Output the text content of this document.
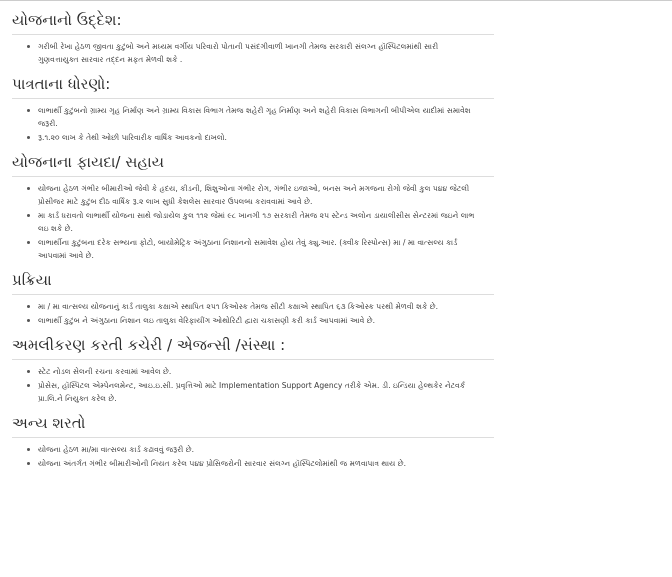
યોજનાનો ઉદ્દેશ:
ગરીબી રેખા હેઠળ જીવતા કુટુંબો અને મધ્યમ વર્ગીય પરિવારો પોતાની પસંદગીવાળી ખાનગી તેમજ સરકારી સંલગ્ન હૉસ્પિટલમાંથી સારી ગુણવત્તાયુક્ત સારવાર તદ્દન મફત મેળવી શકે .
પાત્રતાના ધોરણો:
લાભાર્થી કુટુંબનો ગ્રામ્ય ગૃહ નિર્માણ અને ગ્રામ્ય વિકાસ વિભાગ તેમજ શહેરી ગૃહ નિર્માણ અને શહેરી વિકાસ વિભાગની બીપીએલ યાદીમાં સમાવેશ જરૂરી.
રૂ.૧.૨૦ લાખ કે તેથી ઓછી પારિવારીક વાર્ષિક આવકનો દાખલો.
યોજનાના ફાયદા/ સહાય
યોજના હેઠળ ગંભીર બીમારીઓ જેવી કે હૃદય, કીડની, શિશુઓના ગંભીર રોગ, ગંભીર ઇજાઓ, બનસ અને મગજના રોગો જેવી કુલ ૫૪૪ જેટલી પ્રોસીજર માટે કુટુંબ દીઠ વાર્ષિક રૂ.૨ લાખ સુધી કેશલેસ સારવાર ઉપલબ્ધ કરાવવામાં આવે છે.
મા કાર્ડ ધરાવતો લાભાર્થી યોજના સાથે જોડાયેલ કુલ ૧૧૨ જેમાં ૯૮ ખાનગી ૧૭ સરકારી તેમજ ૨૫ સ્ટેન્ડ અલોન ડાયાલીસીસ સેન્ટરમાં જઇને લાભ લઇ શકે છે.
લાભાર્થીના કુટુંબના દરેક સભ્યના ફોટો, બાયોમેટ્રિક અંગુઠાના નિશાનનો સમાવેશ હોય તેવું ક્યુ.આર. (ક્વીક રિસ્પોન્સ) મા / મા વાત્સલ્ય કાર્ડ આપવામાં આવે છે.
પ્રક્રિયા
મા / મા વાત્સલ્ય યોજનાનું કાર્ડ તાલુકા કક્ષાએ સ્થાપિત ૨૫૧ કિઓસ્ક તેમજ સીટી કક્ષાએ સ્થાપિત ૬૩ કિઓસ્ક પરથી મેળવી શકે છે.
લાભાર્થી કુટુંબ ને અંગુઠાના નિશાન લઇ તાલુકા વેરિફાયીંગ ઓથોરિટી દ્વારા ચકાસણી કરી કાર્ડ આપવામાં આવે છે.
અમલીકરણ કરતી કચેરી / એજન્સી /સંસ્થા :
સ્ટેટ નોડલ સેલની રચના કરવામાં આવેલ છે.
પ્રોસેસ, હૉસ્પિટલ એમ્પેનલમેન્ટ, આઇ.ઇ.સી. પ્રવૃત્તિઓ માટે Implementation Support Agency તરીકે એમ. ડી. ઇન્ડિયા હેલ્થકેર નેટવર્ક પ્રા.લિ.ને નિયુક્ત કરેલ છે.
અન્ય શરતો
યોજના હેઠળ મા/મા વાત્સલ્ય કાર્ડ કઢાવવું જરૂરી છે.
યોજના અંતર્ગત ગંભીર બીમારીઓની નિયત કરેલ ૫૪૪ પ્રોસિજરોની સારવાર સંલગ્ન હૉસ્પિટલોમાંથી જ મળવાપાત્ર થાય છે.
